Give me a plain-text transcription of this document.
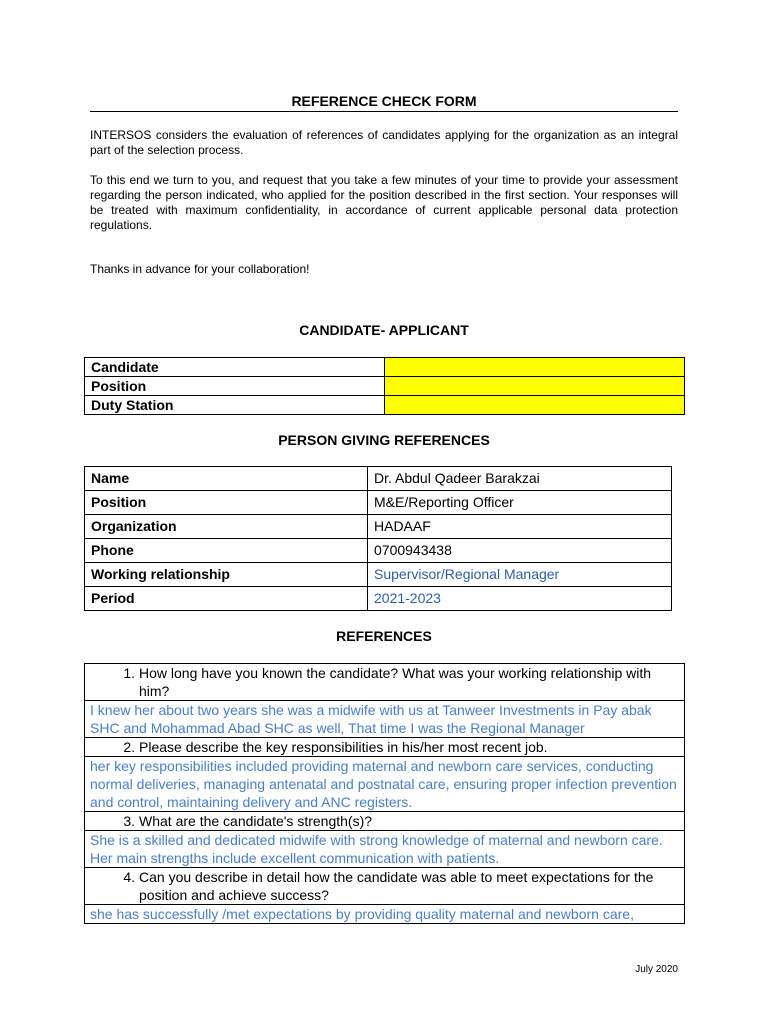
REFERENCE CHECK FORM

INTERSOS considers the evaluation of references of candidates applying for the organization as an integral part of the selection process.

To this end we turn to you, and request that you take a few minutes of your time to provide your assessment regarding the person indicated, who applied for the position described in the first section. Your responses will be treated with maximum confidentiality, in accordance of current applicable personal data protection regulations.

Thanks in advance for your collaboration!

CANDIDATE- APPLICANT
Candidate	
Position	
Duty Station	
PERSON GIVING REFERENCES
Name	Dr. Abdul Qadeer Barakzai
Position	M&E/Reporting Officer
Organization	HADAAF
Phone	0700943438
Working relationship	Supervisor/Regional Manager
Period	2021-2023
REFERENCES
1. How long have you known the candidate? What was your working relationship with him?
I knew her about two years she was a midwife with us at Tanweer Investments in Pay abak SHC and Mohammad Abad SHC as well, That time I was the Regional Manager
2. Please describe the key responsibilities in his/her most recent job.
her key responsibilities included providing maternal and newborn care services, conducting normal deliveries, managing antenatal and postnatal care, ensuring proper infection prevention and control, maintaining delivery and ANC registers.
3. What are the candidate's strength(s)?
She is a skilled and dedicated midwife with strong knowledge of maternal and newborn care. Her main strengths include excellent communication with patients.
4. Can you describe in detail how the candidate was able to meet expectations for the position and achieve success?
she has successfully /met expectations by providing quality maternal and newborn care,
July 2020
